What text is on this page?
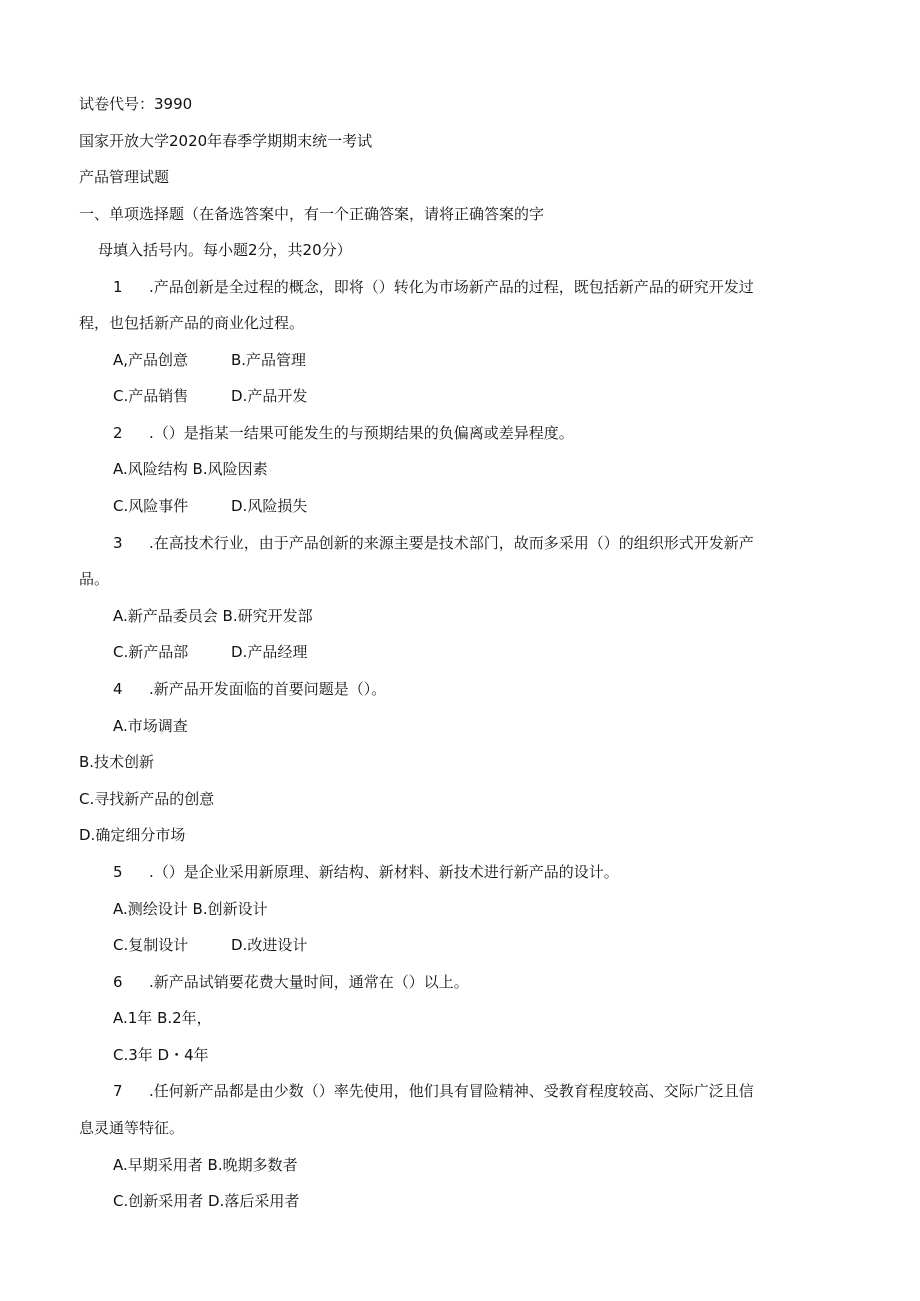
试卷代号：3990
国家开放大学2020年春季学期期末统一考试
产品管理试题
一、单项选择题（在备选答案中，有一个正确答案，请将正确答案的字
母填入括号内。每小题2分，共20分）
1 .产品创新是全过程的概念，即将（）转化为市场新产品的过程，既包括新产品的研究开发过
程，也包括新产品的商业化过程。
A,产品创意	B.产品管理
C.产品销售	D.产品开发
2 .（）是指某一结果可能发生的与预期结果的负偏离或差异程度。
A.风险结构 B.风险因素
C.风险事件	D.风险损失
3 .在高技术行业，由于产品创新的来源主要是技术部门，故而多采用（）的组织形式开发新产
品。
A.新产品委员会 B.研究开发部
C.新产品部	D.产品经理
4 .新产品开发面临的首要问题是（）。
A.市场调查
B.技术创新
C.寻找新产品的创意
D.确定细分市场
5 .（）是企业采用新原理、新结构、新材料、新技术进行新产品的设计。
A.测绘设计 B.创新设计
C.复制设计	D.改进设计
6 .新产品试销要花费大量时间，通常在（）以上。
A.1年 B.2年，
C.3年 D・4年
7 .任何新产品都是由少数（）率先使用，他们具有冒险精神、受教育程度较高、交际广泛且信
息灵通等特征。
A.早期采用者 B.晚期多数者
C.创新采用者 D.落后采用者
